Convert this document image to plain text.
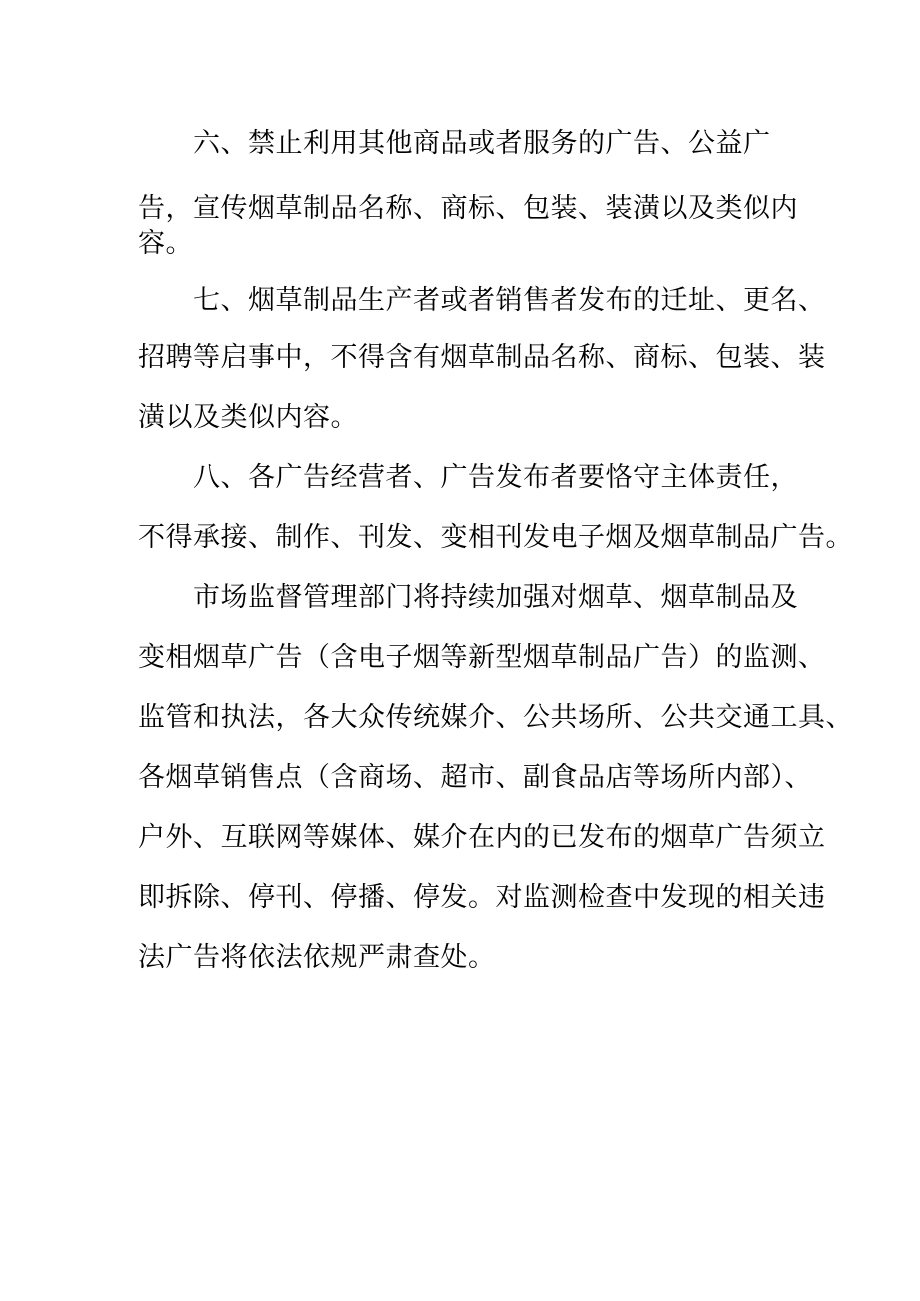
六、禁止利用其他商品或者服务的广告、公益广
告，宣传烟草制品名称、商标、包装、装潢以及类似内
容。
七、烟草制品生产者或者销售者发布的迁址、更名、
招聘等启事中，不得含有烟草制品名称、商标、包装、装
潢以及类似内容。
八、各广告经营者、广告发布者要恪守主体责任，
不得承接、制作、刊发、变相刊发电子烟及烟草制品广告。
市场监督管理部门将持续加强对烟草、烟草制品及
变相烟草广告（含电子烟等新型烟草制品广告）的监测、
监管和执法，各大众传统媒介、公共场所、公共交通工具、
各烟草销售点（含商场、超市、副食品店等场所内部）、
户外、互联网等媒体、媒介在内的已发布的烟草广告须立
即拆除、停刊、停播、停发。对监测检查中发现的相关违
法广告将依法依规严肃查处。
